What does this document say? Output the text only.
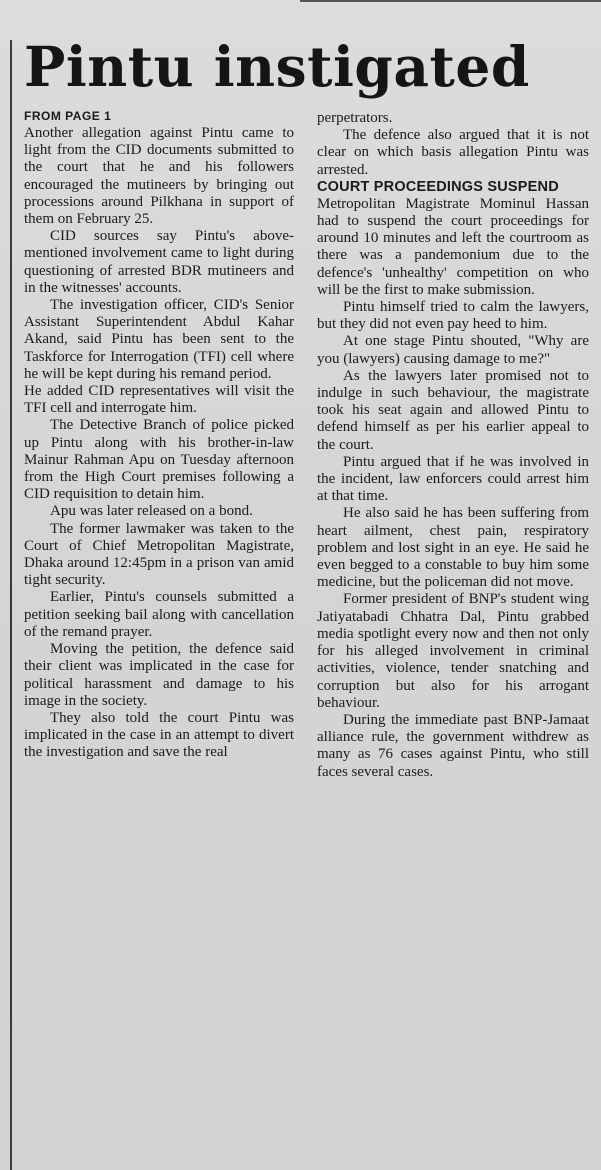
Pintu instigated

FROM PAGE 1

Another allegation against Pintu came to light from the CID documents submitted to the court that he and his followers encouraged the mutineers by bringing out processions around Pilkhana in support of them on February 25.

CID sources say Pintu's above-mentioned involvement came to light during questioning of arrested BDR mutineers and in the witnesses' accounts.

The investigation officer, CID's Senior Assistant Superintendent Abdul Kahar Akand, said Pintu has been sent to the Taskforce for Interrogation (TFI) cell where he will be kept during his remand period.

He added CID representatives will visit the TFI cell and interrogate him.

The Detective Branch of police picked up Pintu along with his brother-in-law Mainur Rahman Apu on Tuesday afternoon from the High Court premises following a CID requisition to detain him.

Apu was later released on a bond.

The former lawmaker was taken to the Court of Chief Metropolitan Magistrate, Dhaka around 12:45pm in a prison van amid tight security.

Earlier, Pintu's counsels submitted a petition seeking bail along with cancellation of the remand prayer.

Moving the petition, the defence said their client was implicated in the case for political harassment and damage to his image in the society.

They also told the court Pintu was implicated in the case in an attempt to divert the investigation and save the real

perpetrators.

The defence also argued that it is not clear on which basis allegation Pintu was arrested.

COURT PROCEEDINGS SUSPEND

Metropolitan Magistrate Mominul Hassan had to suspend the court proceedings for around 10 minutes and left the courtroom as there was a pandemonium due to the defence's 'unhealthy' competition on who will be the first to make submission.

Pintu himself tried to calm the lawyers, but they did not even pay heed to him.

At one stage Pintu shouted, "Why are you (lawyers) causing damage to me?"

As the lawyers later promised not to indulge in such behaviour, the magistrate took his seat again and allowed Pintu to defend himself as per his earlier appeal to the court.

Pintu argued that if he was involved in the incident, law enforcers could arrest him at that time.

He also said he has been suffering from heart ailment, chest pain, respiratory problem and lost sight in an eye. He said he even begged to a constable to buy him some medicine, but the policeman did not move.

Former president of BNP's student wing Jatiyatabadi Chhatra Dal, Pintu grabbed media spotlight every now and then not only for his alleged involvement in criminal activities, violence, tender snatching and corruption but also for his arrogant behaviour.

During the immediate past BNP-Jamaat alliance rule, the government withdrew as many as 76 cases against Pintu, who still faces several cases.
